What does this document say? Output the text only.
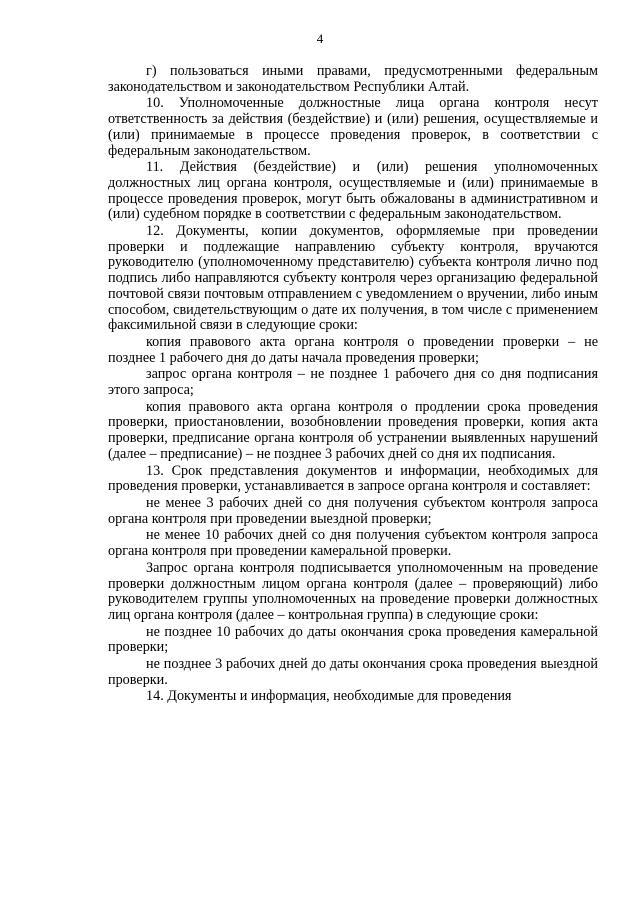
4

г) пользоваться иными правами, предусмотренными федеральным законодательством и законодательством Республики Алтай.

10. Уполномоченные должностные лица органа контроля несут ответственность за действия (бездействие) и (или) решения, осуществляемые и (или) принимаемые в процессе проведения проверок, в соответствии с федеральным законодательством.

11. Действия (бездействие) и (или) решения уполномоченных должностных лиц органа контроля, осуществляемые и (или) принимаемые в процессе проведения проверок, могут быть обжалованы в административном и (или) судебном порядке в соответствии с федеральным законодательством.

12. Документы, копии документов, оформляемые при проведении проверки и подлежащие направлению субъекту контроля, вручаются руководителю (уполномоченному представителю) субъекта контроля лично под подпись либо направляются субъекту контроля через организацию федеральной почтовой связи почтовым отправлением с уведомлением о вручении, либо иным способом, свидетельствующим о дате их получения, в том числе с применением факсимильной связи в следующие сроки:

копия правового акта органа контроля о проведении проверки – не позднее 1 рабочего дня до даты начала проведения проверки;

запрос органа контроля – не позднее 1 рабочего дня со дня подписания этого запроса;

копия правового акта органа контроля о продлении срока проведения проверки, приостановлении, возобновлении проведения проверки, копия акта проверки, предписание органа контроля об устранении выявленных нарушений (далее – предписание) – не позднее 3 рабочих дней со дня их подписания.

13. Срок представления документов и информации, необходимых для проведения проверки, устанавливается в запросе органа контроля и составляет:

не менее 3 рабочих дней со дня получения субъектом контроля запроса органа контроля при проведении выездной проверки;

не менее 10 рабочих дней со дня получения субъектом контроля запроса органа контроля при проведении камеральной проверки.

Запрос органа контроля подписывается уполномоченным на проведение проверки должностным лицом органа контроля (далее – проверяющий) либо руководителем группы уполномоченных на проведение проверки должностных лиц органа контроля (далее – контрольная группа) в следующие сроки:

не позднее 10 рабочих до даты окончания срока проведения камеральной проверки;

не позднее 3 рабочих дней до даты окончания срока проведения выездной проверки.

14. Документы и информация, необходимые для проведения
